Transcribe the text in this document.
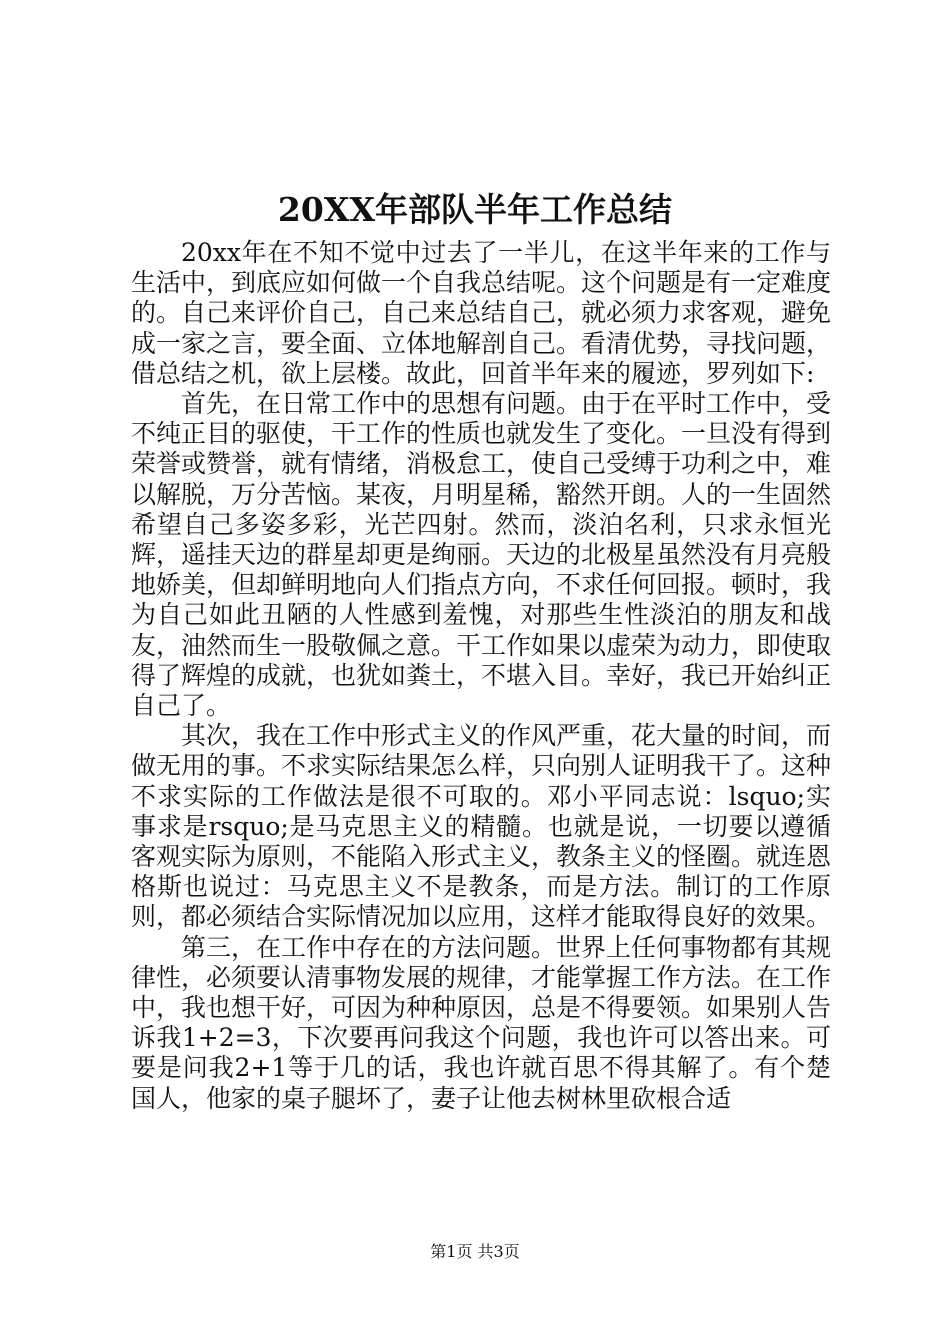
20XX年部队半年工作总结

20xx年在不知不觉中过去了一半儿，在这半年来的工作与生活中，到底应如何做一个自我总结呢。这个问题是有一定难度的。自己来评价自己，自己来总结自己，就必须力求客观，避免成一家之言，要全面、立体地解剖自己。看清优势，寻找问题，借总结之机，欲上层楼。故此，回首半年来的履迹，罗列如下:

首先，在日常工作中的思想有问题。由于在平时工作中，受不纯正目的驱使，干工作的性质也就发生了变化。一旦没有得到荣誉或赞誉，就有情绪，消极怠工，使自己受缚于功利之中，难以解脱，万分苦恼。某夜，月明星稀，豁然开朗。人的一生固然希望自己多姿多彩，光芒四射。然而，淡泊名利，只求永恒光辉，遥挂天边的群星却更是绚丽。天边的北极星虽然没有月亮般地娇美，但却鲜明地向人们指点方向，不求任何回报。顿时，我为自己如此丑陋的人性感到羞愧，对那些生性淡泊的朋友和战友，油然而生一股敬佩之意。干工作如果以虚荣为动力，即使取得了辉煌的成就，也犹如粪土，不堪入目。幸好，我已开始纠正自己了。

其次，我在工作中形式主义的作风严重，花大量的时间，而做无用的事。不求实际结果怎么样，只向别人证明我干了。这种不求实际的工作做法是很不可取的。邓小平同志说：lsquo;实事求是rsquo;是马克思主义的精髓。也就是说，一切要以遵循客观实际为原则，不能陷入形式主义，教条主义的怪圈。就连恩格斯也说过：马克思主义不是教条，而是方法。制订的工作原则，都必须结合实际情况加以应用，这样才能取得良好的效果。

第三，在工作中存在的方法问题。世界上任何事物都有其规律性，必须要认清事物发展的规律，才能掌握工作方法。在工作中，我也想干好，可因为种种原因，总是不得要领。如果别人告诉我1+2=3，下次要再问我这个问题，我也许可以答出来。可要是问我2+1等于几的话，我也许就百思不得其解了。有个楚国人，他家的桌子腿坏了，妻子让他去树林里砍根合适

第1页 共3页
